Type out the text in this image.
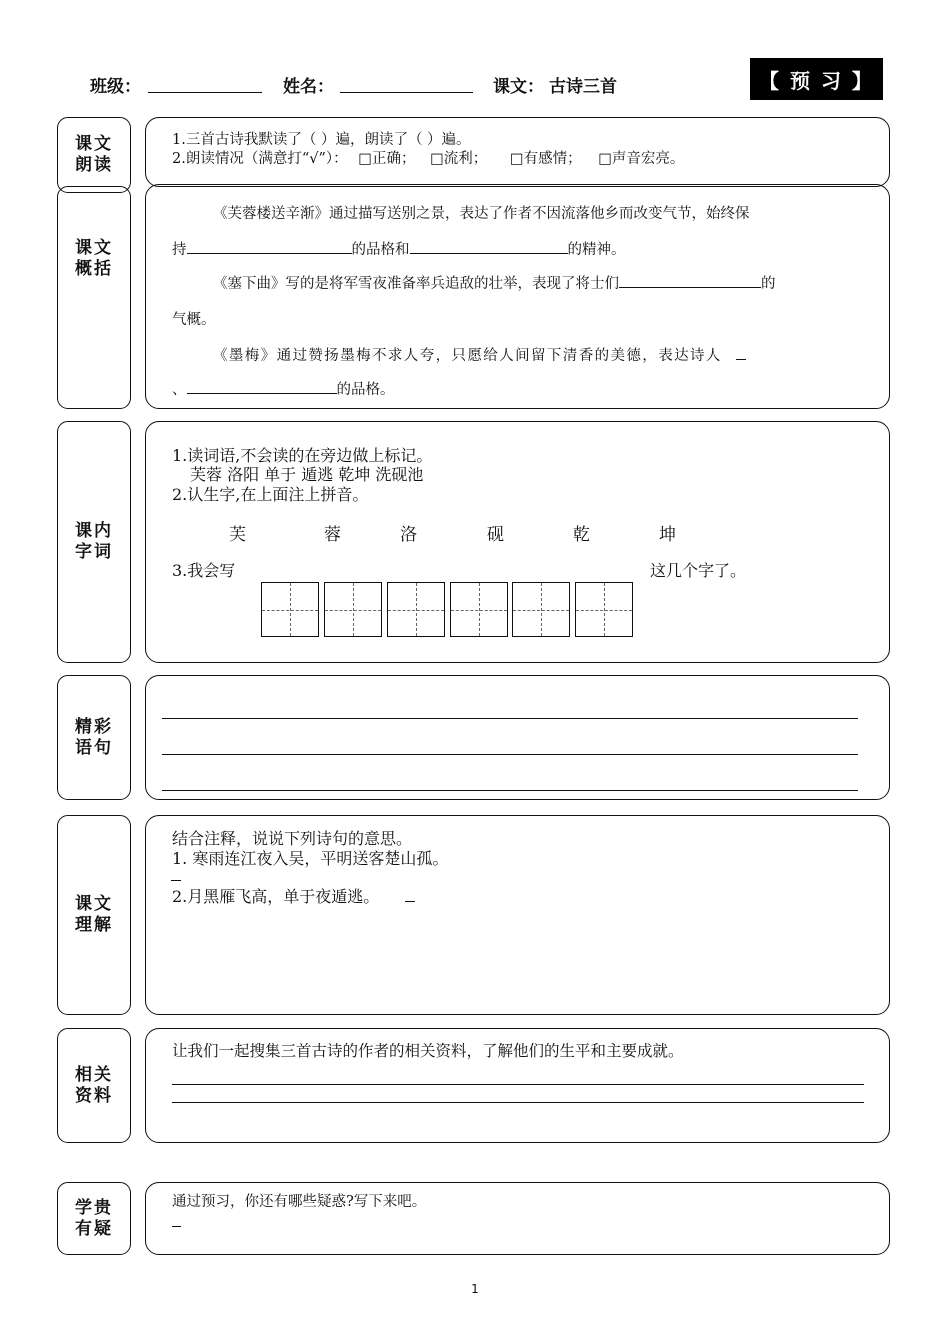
班级：	姓名：	课文： 古诗三首	【 预 习 】
课文朗读
1.三首古诗我默读了（ ）遍，朗读了（ ）遍。
2.朗读情况（满意打“√”）： □正确； □流利； □有感情； □声音宏亮。
课文概括
《芙蓉楼送辛渐》通过描写送别之景，表达了作者不因流落他乡而改变气节，始终保
持	的品格和	的精神。
《塞下曲》写的是将军雪夜准备率兵追敌的壮举，表现了将士们	的
气概。
《墨梅》通过赞扬墨梅不求人夸，只愿给人间留下清香的美德，表达诗人
、	的品格。
课内字词
1.读词语,不会读的在旁边做上标记。
芙蓉 洛阳 单于 遁逃 乾坤 洗砚池
2.认生字,在上面注上拼音。
芙	蓉	洛	砚	乾	坤
3.我会写	这几个字了。
精彩语句
课文理解
结合注释，说说下列诗句的意思。
1. 寒雨连江夜入吴，平明送客楚山孤。
2.月黑雁飞高，单于夜遁逃。
相关资料
让我们一起搜集三首古诗的作者的相关资料，了解他们的生平和主要成就。
学贵有疑
通过预习，你还有哪些疑惑?写下来吧。
1
